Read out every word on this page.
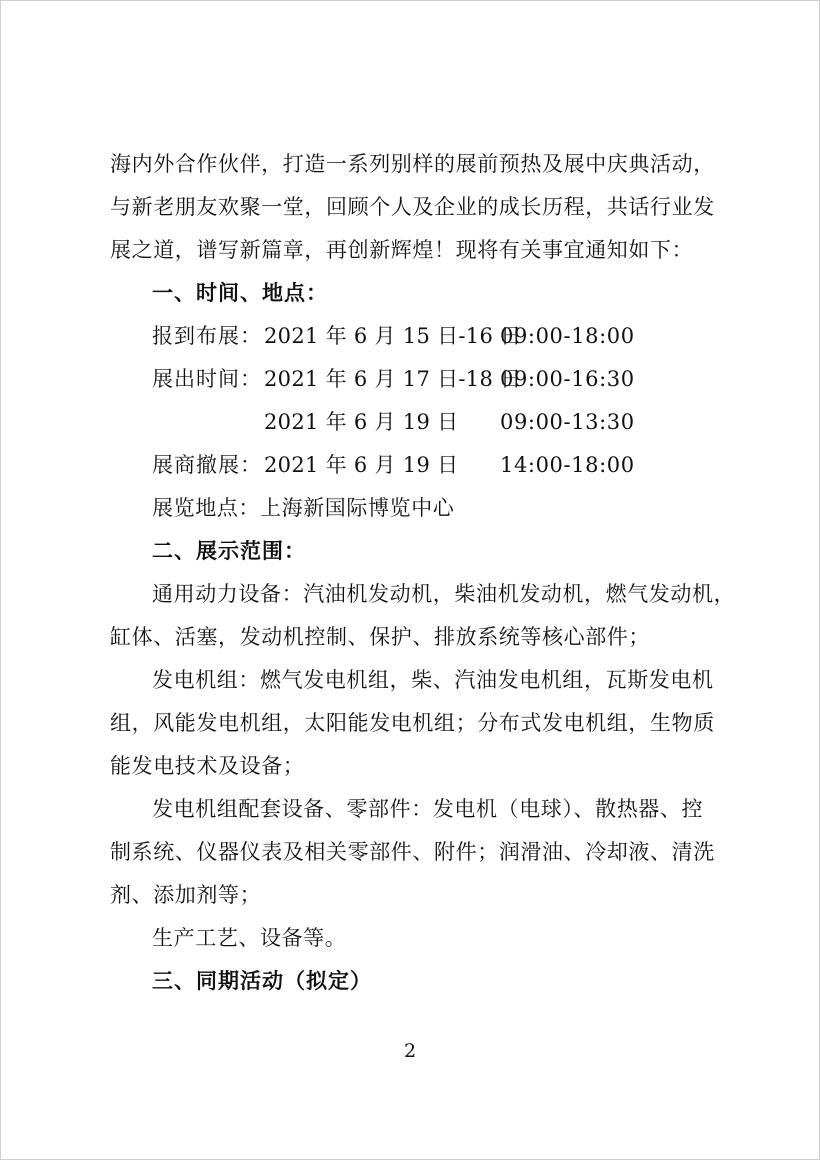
海内外合作伙伴，打造一系列别样的展前预热及展中庆典活动，
与新老朋友欢聚一堂，回顾个人及企业的成长历程，共话行业发
展之道，谱写新篇章，再创新辉煌！现将有关事宜通知如下：
一、时间、地点：
报到布展： 2021 年 6 月 15 日-16 日
09:00-18:00
展出时间： 2021 年 6 月 17 日-18 日
09:00-16:30
2021 年 6 月 19 日	09:00-13:30
展商撤展： 2021 年 6 月 19 日	14:00-18:00
展览地点：上海新国际博览中心
二、展示范围：
通用动力设备：汽油机发动机，柴油机发动机，燃气发动机，
缸体、活塞，发动机控制、保护、排放系统等核心部件；
发电机组：燃气发电机组，柴、汽油发电机组，瓦斯发电机
组，风能发电机组，太阳能发电机组；分布式发电机组，生物质
能发电技术及设备；
发电机组配套设备、零部件：发电机（电球）、散热器、控
制系统、仪器仪表及相关零部件、附件；润滑油、冷却液、清洗
剂、添加剂等；
生产工艺、设备等。
三、同期活动（拟定）
2
